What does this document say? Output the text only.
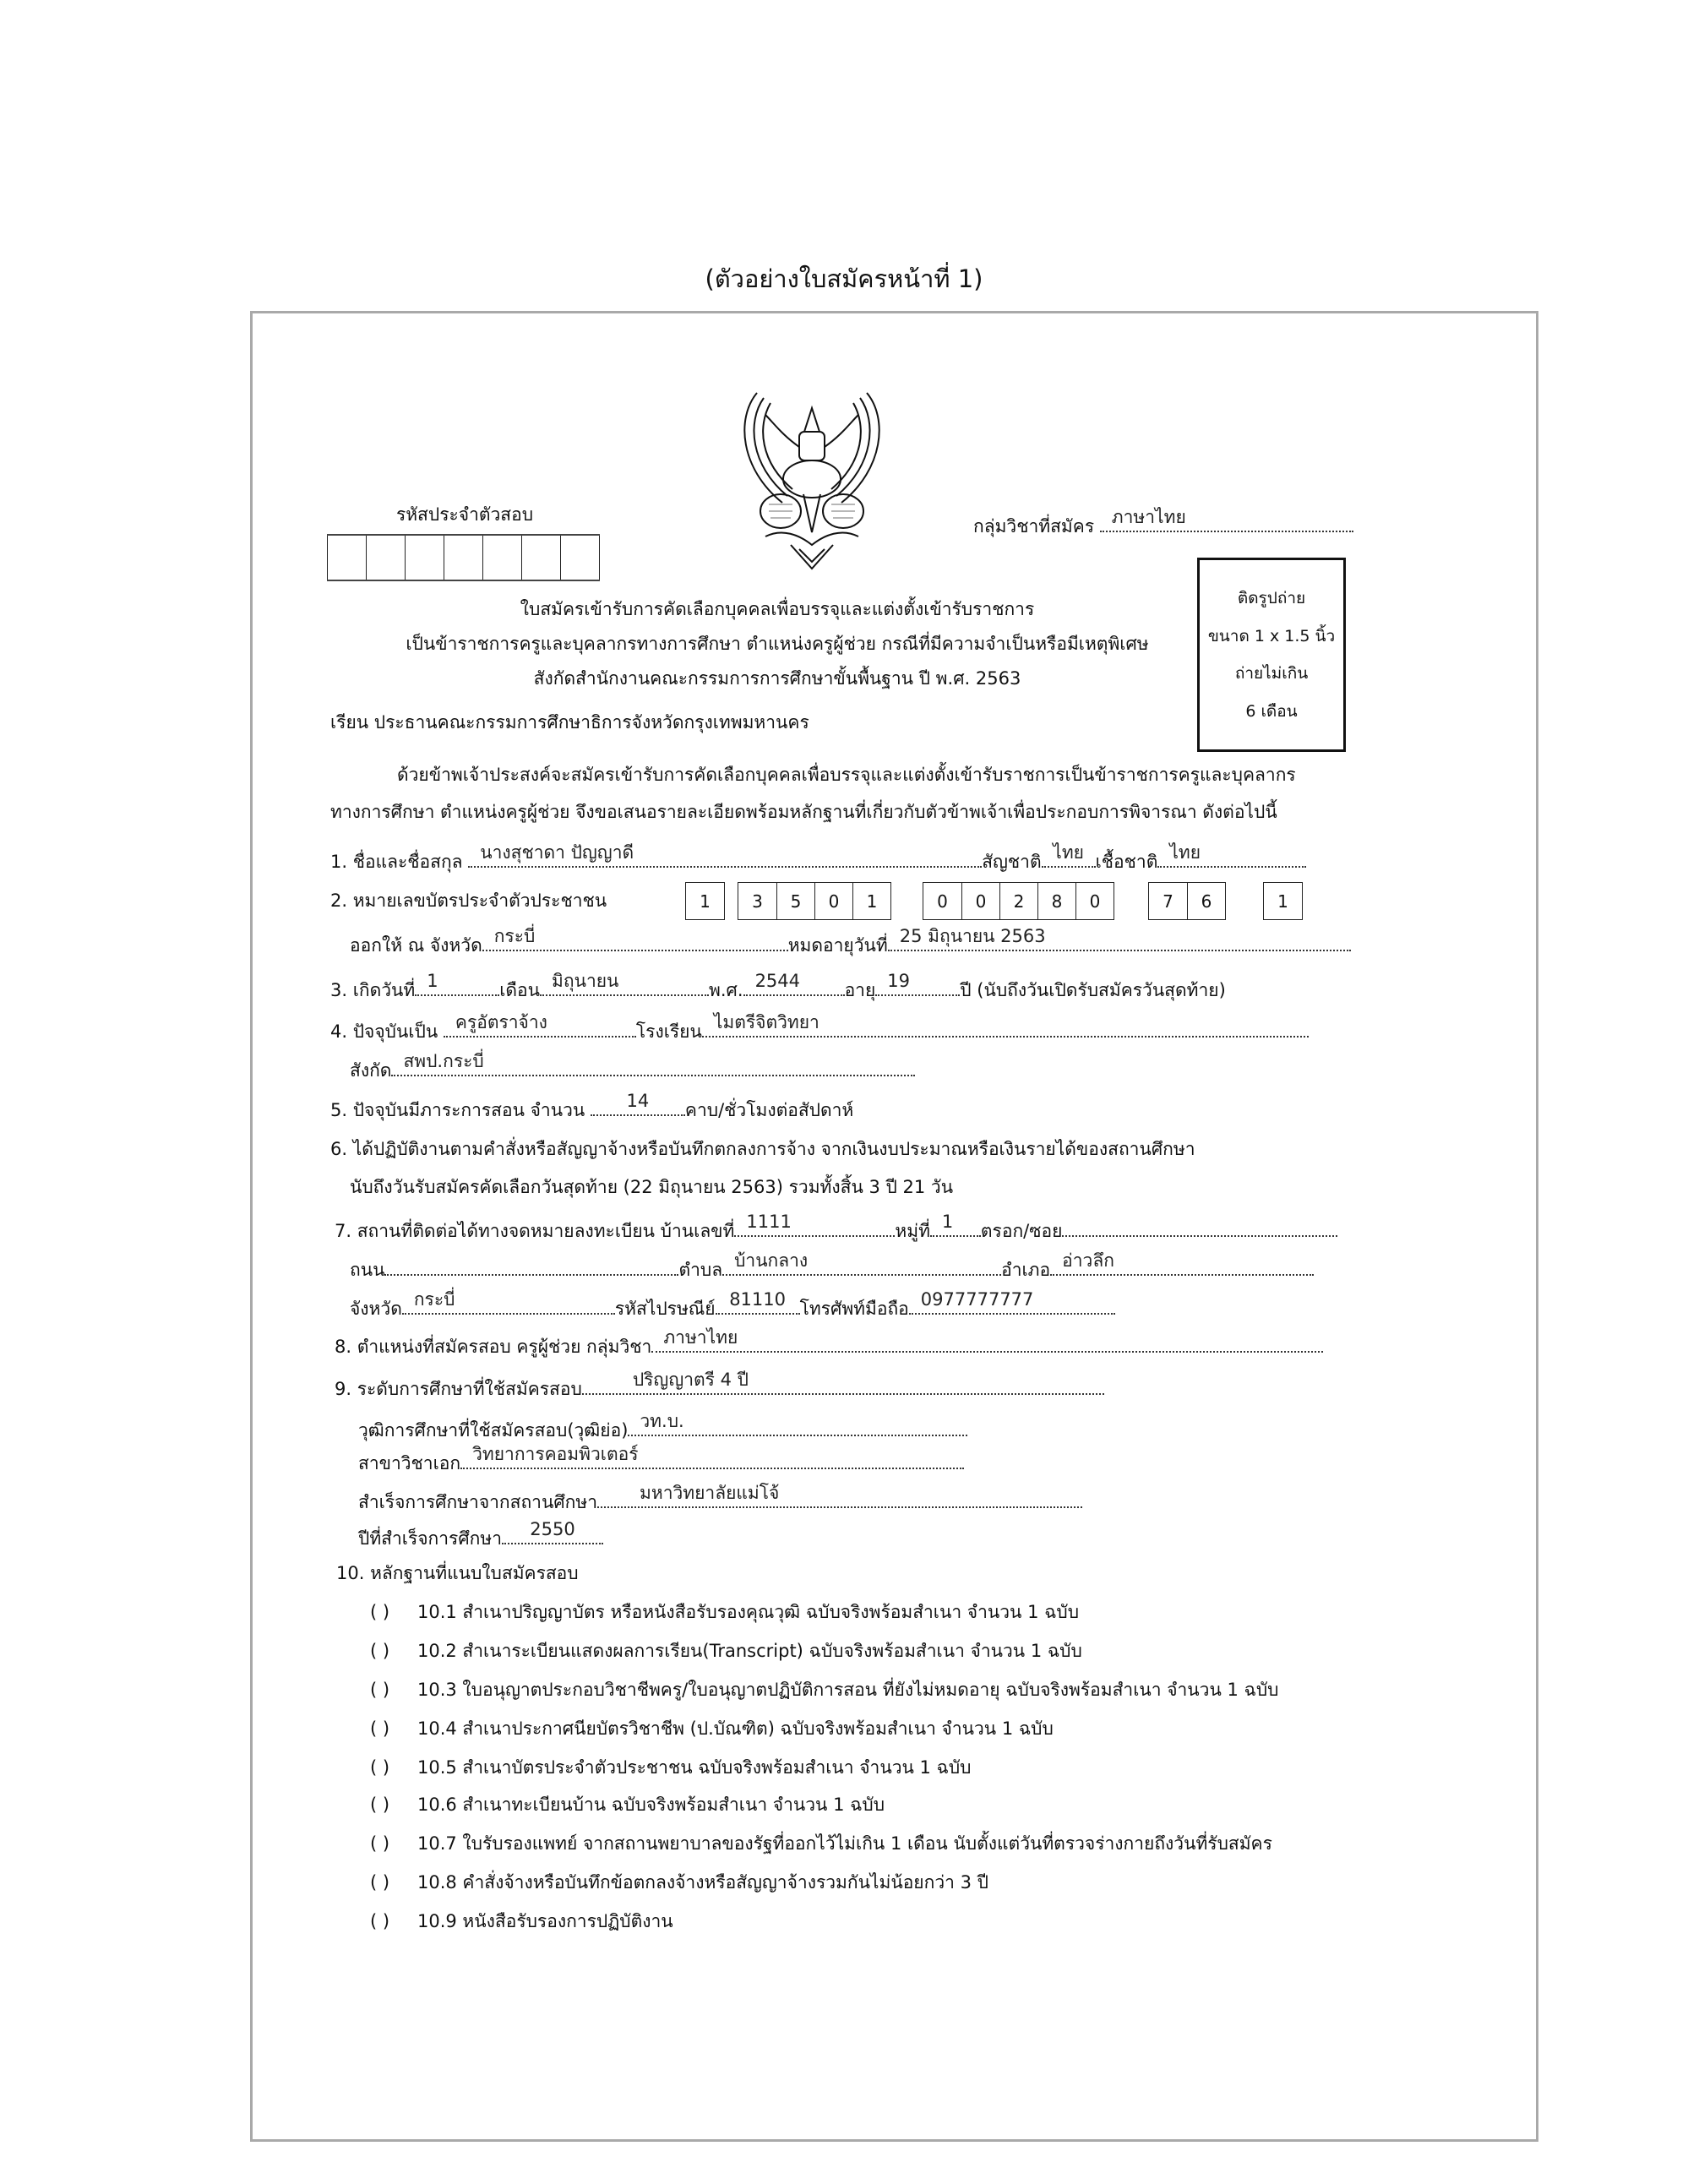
(ตัวอย่างใบสมัครหน้าที่ 1)
รหัสประจำตัวสอบ
กลุ่มวิชาที่สมัคร ภาษาไทย
ติดรูปถ่าย
ขนาด 1 x 1.5 นิ้ว
ถ่ายไม่เกิน
6 เดือน
ใบสมัครเข้ารับการคัดเลือกบุคคลเพื่อบรรจุและแต่งตั้งเข้ารับราชการ
เป็นข้าราชการครูและบุคลากรทางการศึกษา ตำแหน่งครูผู้ช่วย กรณีที่มีความจำเป็นหรือมีเหตุพิเศษ
สังกัดสำนักงานคณะกรรมการการศึกษาขั้นพื้นฐาน ปี พ.ศ. 2563
เรียน ประธานคณะกรรมการศึกษาธิการจังหวัดกรุงเทพมหานคร
ด้วยข้าพเจ้าประสงค์จะสมัครเข้ารับการคัดเลือกบุคคลเพื่อบรรจุและแต่งตั้งเข้ารับราชการเป็นข้าราชการครูและบุคลากร
ทางการศึกษา ตำแหน่งครูผู้ช่วย จึงขอเสนอรายละเอียดพร้อมหลักฐานที่เกี่ยวกับตัวข้าพเจ้าเพื่อประกอบการพิจารณา ดังต่อไปนี้
1. ชื่อและชื่อสกุล นางสุชาดา ปัญญาดี	สัญชาติ ไทย เชื้อชาติ ไทย
2. หมายเลขบัตรประจำตัวประชาชน	1	3	5	0	1	0	0	2	8	0	7	6	1
ออกให้ ณ จังหวัด กระบี่	หมดอายุวันที่ 25 มิถุนายน 2563
3. เกิดวันที่ 1	เดือน มิถุนายน	พ.ศ. 2544	อายุ 19	ปี (นับถึงวันเปิดรับสมัครวันสุดท้าย)
4. ปัจจุบันเป็น ครูอัตราจ้าง	โรงเรียน ไมตรีจิตวิทยา
สังกัด สพป.กระบี่
5. ปัจจุบันมีภาระการสอน จำนวน	14	คาบ/ชั่วโมงต่อสัปดาห์
6. ได้ปฏิบัติงานตามคำสั่งหรือสัญญาจ้างหรือบันทึกตกลงการจ้าง จากเงินงบประมาณหรือเงินรายได้ของสถานศึกษา
นับถึงวันรับสมัครคัดเลือกวันสุดท้าย (22 มิถุนายน 2563) รวมทั้งสิ้น 3 ปี 21 วัน
7. สถานที่ติดต่อได้ทางจดหมายลงทะเบียน บ้านเลขที่ 1111	หมู่ที่ 1	ตรอก/ซอย
ถนน	ตำบล บ้านกลาง	อำเภอ อ่าวลึก
จังหวัด กระบี่	รหัสไปรษณีย์ 81110 โทรศัพท์มือถือ 0977777777
8. ตำแหน่งที่สมัครสอบ ครูผู้ช่วย กลุ่มวิชา ภาษาไทย
9. ระดับการศึกษาที่ใช้สมัครสอบ	ปริญญาตรี 4 ปี
วุฒิการศึกษาที่ใช้สมัครสอบ(วุฒิย่อ) วท.บ.
สาขาวิชาเอก วิทยาการคอมพิวเตอร์
สำเร็จการศึกษาจากสถานศึกษา	มหาวิทยาลัยแม่โจ้
ปีที่สำเร็จการศึกษา	2550
10. หลักฐานที่แนบใบสมัครสอบ
( ) 10.1 สำเนาปริญญาบัตร หรือหนังสือรับรองคุณวุฒิ ฉบับจริงพร้อมสำเนา จำนวน 1 ฉบับ
( ) 10.2 สำเนาระเบียนแสดงผลการเรียน(Transcript) ฉบับจริงพร้อมสำเนา จำนวน 1 ฉบับ
( ) 10.3 ใบอนุญาตประกอบวิชาชีพครู/ใบอนุญาตปฏิบัติการสอน ที่ยังไม่หมดอายุ ฉบับจริงพร้อมสำเนา จำนวน 1 ฉบับ
( ) 10.4 สำเนาประกาศนียบัตรวิชาชีพ (ป.บัณฑิต) ฉบับจริงพร้อมสำเนา จำนวน 1 ฉบับ
( ) 10.5 สำเนาบัตรประจำตัวประชาชน ฉบับจริงพร้อมสำเนา จำนวน 1 ฉบับ
( ) 10.6 สำเนาทะเบียนบ้าน ฉบับจริงพร้อมสำเนา จำนวน 1 ฉบับ
( ) 10.7 ใบรับรองแพทย์ จากสถานพยาบาลของรัฐที่ออกไว้ไม่เกิน 1 เดือน นับตั้งแต่วันที่ตรวจร่างกายถึงวันที่รับสมัคร
( ) 10.8 คำสั่งจ้างหรือบันทึกข้อตกลงจ้างหรือสัญญาจ้างรวมกันไม่น้อยกว่า 3 ปี
( ) 10.9 หนังสือรับรองการปฏิบัติงาน
